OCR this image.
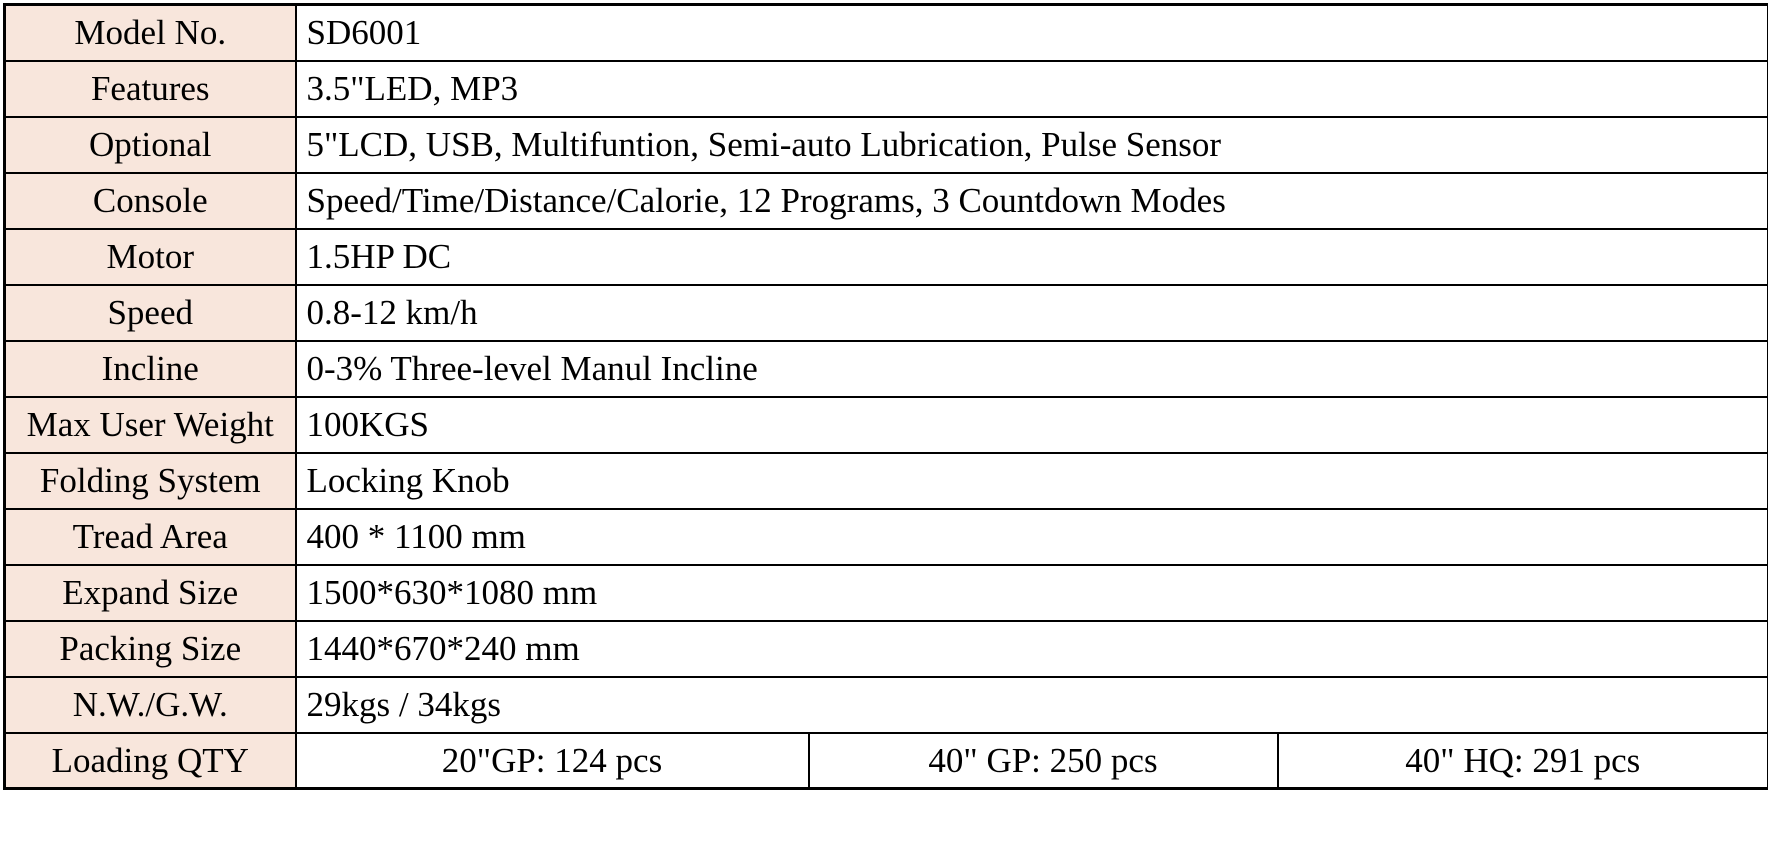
Model No.	SD6001		
Features	3.5"LED, MP3		
Optional	5"LCD, USB, Multifuntion, Semi-auto Lubrication, Pulse Sensor		
Console	Speed/Time/Distance/Calorie, 12 Programs, 3 Countdown Modes		
Motor	1.5HP DC		
Speed	0.8-12 km/h		
Incline	0-3% Three-level Manul Incline		
Max User Weight	100KGS		
Folding System	Locking Knob		
Tread Area	400 * 1100 mm		
Expand Size	1500*630*1080 mm		
Packing Size	1440*670*240 mm		
N.W./G.W.	29kgs / 34kgs		
Loading QTY	20"GP: 124 pcs	40" GP: 250 pcs	40" HQ: 291 pcs
